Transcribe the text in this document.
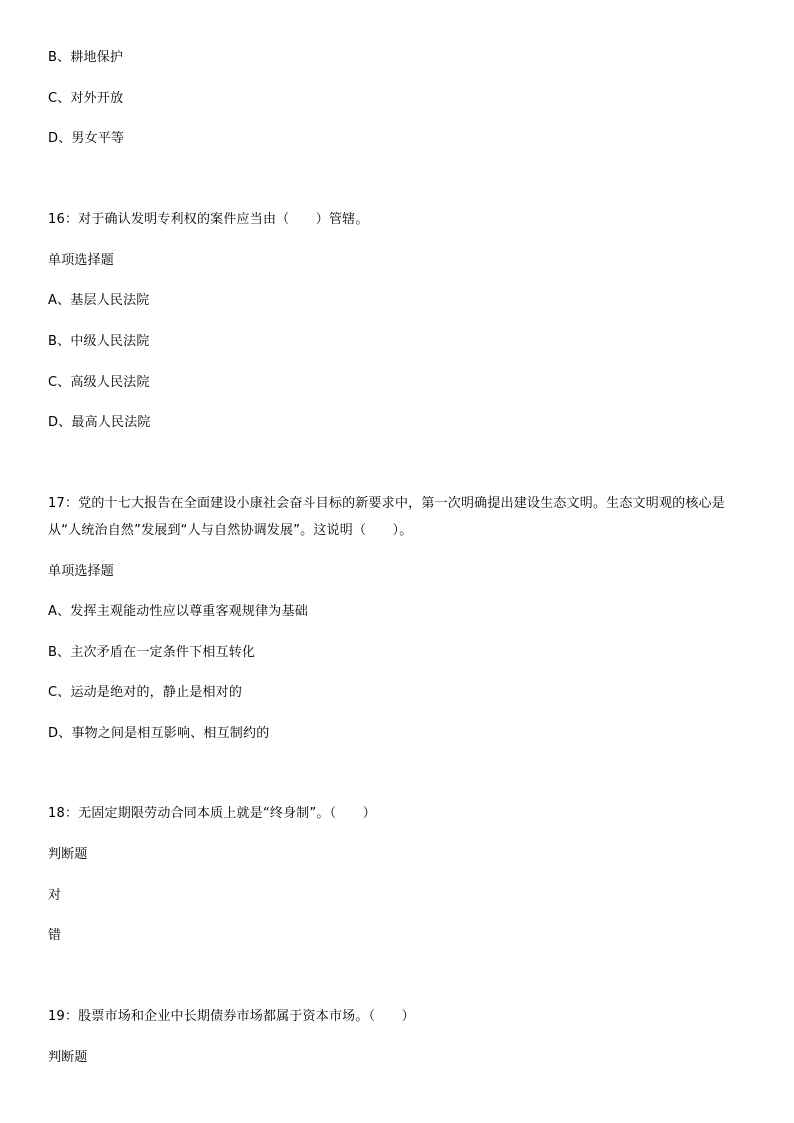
B、耕地保护
C、对外开放
D、男女平等
16：对于确认发明专利权的案件应当由（　　）管辖。
单项选择题
A、基层人民法院
B、中级人民法院
C、高级人民法院
D、最高人民法院
17：党的十七大报告在全面建设小康社会奋斗目标的新要求中，第一次明确提出建设生态文明。生态文明观的核心是从“人统治自然”发展到“人与自然协调发展”。这说明（　　）。
单项选择题
A、发挥主观能动性应以尊重客观规律为基础
B、主次矛盾在一定条件下相互转化
C、运动是绝对的，静止是相对的
D、事物之间是相互影响、相互制约的
18：无固定期限劳动合同本质上就是“终身制”。（　　）
判断题
对
错
19：股票市场和企业中长期债券市场都属于资本市场。（　　）
判断题
